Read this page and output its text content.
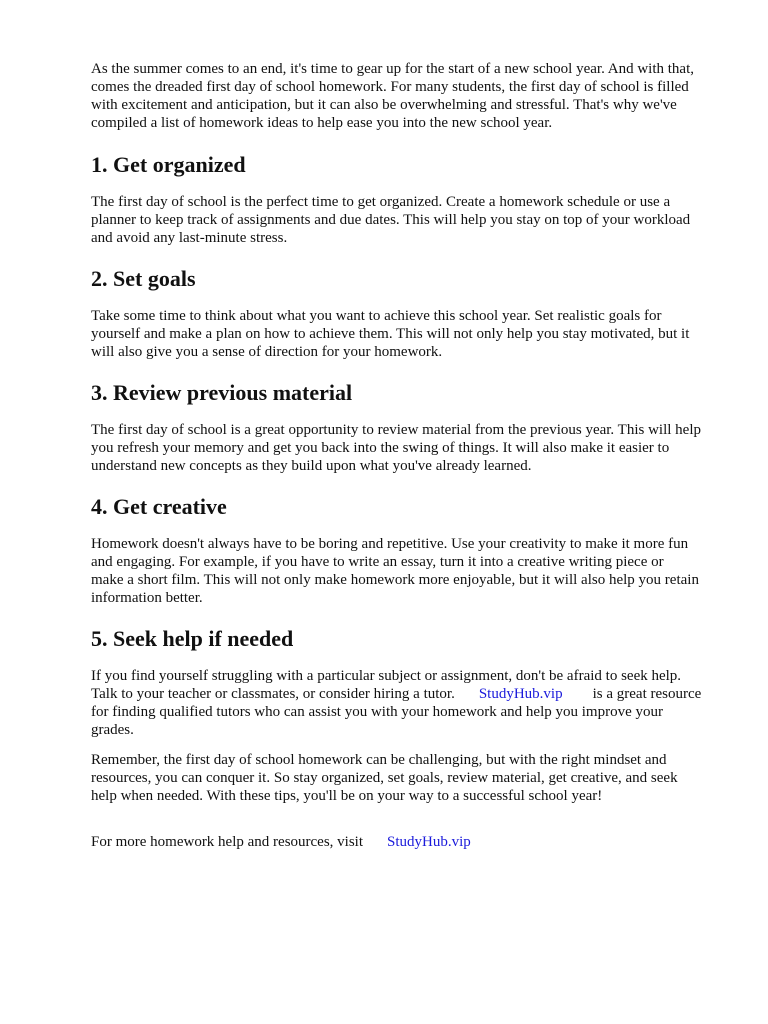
As the summer comes to an end, it's time to gear up for the start of a new school year. And with that,
comes the dreaded first day of school homework. For many students, the first day of school is filled
with excitement and anticipation, but it can also be overwhelming and stressful. That's why we've
compiled a list of homework ideas to help ease you into the new school year.

1. Get organized

The first day of school is the perfect time to get organized. Create a homework schedule or use a
planner to keep track of assignments and due dates. This will help you stay on top of your workload
and avoid any last-minute stress.

2. Set goals

Take some time to think about what you want to achieve this school year. Set realistic goals for
yourself and make a plan on how to achieve them. This will not only help you stay motivated, but it
will also give you a sense of direction for your homework.

3. Review previous material

The first day of school is a great opportunity to review material from the previous year. This will help
you refresh your memory and get you back into the swing of things. It will also make it easier to
understand new concepts as they build upon what you've already learned.

4. Get creative

Homework doesn't always have to be boring and repetitive. Use your creativity to make it more fun
and engaging. For example, if you have to write an essay, turn it into a creative writing piece or
make a short film. This will not only make homework more enjoyable, but it will also help you retain
information better.

5. Seek help if needed

If you find yourself struggling with a particular subject or assignment, don't be afraid to seek help.

Talk to your teacher or classmates, or consider hiring a tutor. StudyHub.vip is a great resource

for finding qualified tutors who can assist you with your homework and help you improve your
grades.

Remember, the first day of school homework can be challenging, but with the right mindset and
resources, you can conquer it. So stay organized, set goals, review material, get creative, and seek
help when needed. With these tips, you'll be on your way to a successful school year!

For more homework help and resources, visit StudyHub.vip
